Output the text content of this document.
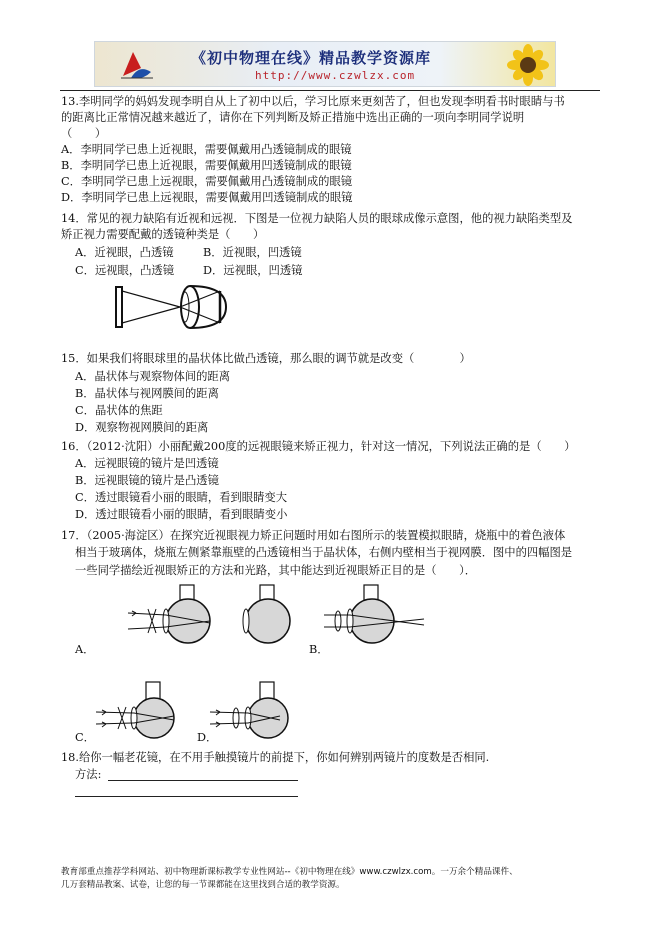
《初中物理在线》精品教学资源库
http://www.czwlzx.com
13.李明同学的妈妈发现李明自从上了初中以后，学习比原来更刻苦了，但也发现李明看书时眼睛与书
的距离比正常情况越来越近了，请你在下列判断及矫正措施中选出正确的一项向李明同学说明
（　　）
A．李明同学已患上近视眼，需要佩戴用凸透镜制成的眼镜
B．李明同学已患上近视眼，需要佩戴用凹透镜制成的眼镜
C．李明同学已患上远视眼，需要佩戴用凸透镜制成的眼镜
D．李明同学已患上远视眼，需要佩戴用凹透镜制成的眼镜
14．常见的视力缺陷有近视和远视．下图是一位视力缺陷人员的眼球成像示意图，他的视力缺陷类型及
矫正视力需要配戴的透镜种类是（　　）
A．近视眼，凸透镜	B．近视眼，凹透镜
C．远视眼，凸透镜	D．远视眼，凹透镜
15．如果我们将眼球里的晶状体比做凸透镜，那么眼的调节就是改变（　　　　）
A．晶状体与观察物体间的距离
B．晶状体与视网膜间的距离
C．晶状体的焦距
D．观察物视网膜间的距离
16．（2012·沈阳）小丽配戴200度的远视眼镜来矫正视力，针对这一情况，下列说法正确的是（　　）
A．远视眼镜的镜片是凹透镜
B．远视眼镜的镜片是凸透镜
C．透过眼镜看小丽的眼睛，看到眼睛变大
D．透过眼镜看小丽的眼睛，看到眼睛变小
17．（2005·海淀区）在探究近视眼视力矫正问题时用如右图所示的装置模拟眼睛，烧瓶中的着色液体
相当于玻璃体，烧瓶左侧紧靠瓶壁的凸透镜相当于晶状体，右侧内壁相当于视网膜．图中的四幅图是
一些同学描绘近视眼矫正的方法和光路，其中能达到近视眼矫正目的是（　　）．
A．	B．
C．	D．
18.给你一幅老花镜，在不用手触摸镜片的前提下，你如何辨别两镜片的度数是否相同.
方法:
教育部重点推荐学科网站、初中物理新课标教学专业性网站--《初中物理在线》www.czwlzx.com。一万余个精品课件、
几万套精品教案、试卷，让您的每一节课都能在这里找到合适的教学资源。
